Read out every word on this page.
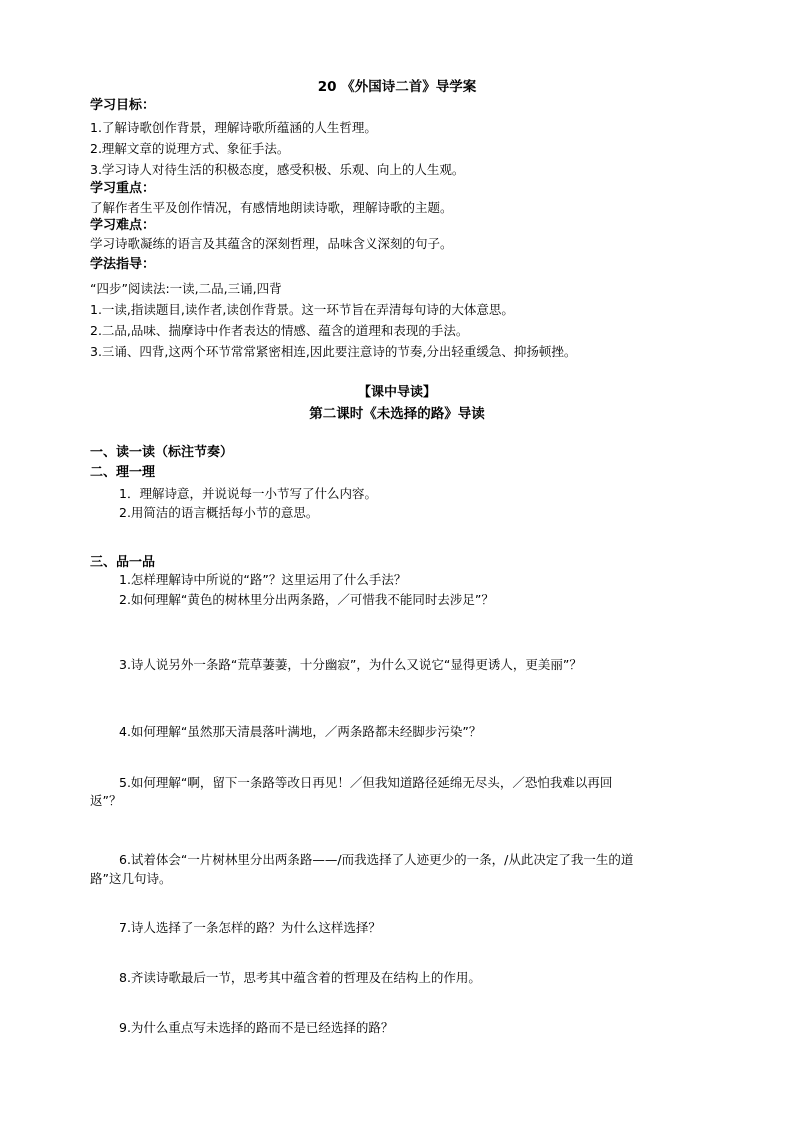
20 《外国诗二首》导学案
学习目标：
1.了解诗歌创作背景，理解诗歌所蕴涵的人生哲理。
2.理解文章的说理方式、象征手法。
3.学习诗人对待生活的积极态度，感受积极、乐观、向上的人生观。
学习重点：
了解作者生平及创作情况，有感情地朗读诗歌，理解诗歌的主题。
学习难点：
学习诗歌凝练的语言及其蕴含的深刻哲理，品味含义深刻的句子。
学法指导：
“四步”阅读法:一读,二品,三诵,四背
1.一读,指读题目,读作者,读创作背景。这一环节旨在弄清每句诗的大体意思。
2.二品,品味、揣摩诗中作者表达的情感、蕴含的道理和表现的手法。
3.三诵、四背,这两个环节常常紧密相连,因此要注意诗的节奏,分出轻重缓急、抑扬顿挫。
【课中导读】
第二课时《未选择的路》导读
一、读一读（标注节奏）
二、理一理
1．理解诗意，并说说每一小节写了什么内容。
2.用简洁的语言概括每小节的意思。
三、品一品
1.怎样理解诗中所说的“路”？这里运用了什么手法？
2.如何理解“黄色的树林里分出两条路，／可惜我不能同时去涉足”？
3.诗人说另外一条路“荒草萋萋，十分幽寂”，为什么又说它“显得更诱人，更美丽”？
4.如何理解“虽然那天清晨落叶满地，／两条路都未经脚步污染”？
5.如何理解“啊，留下一条路等改日再见！／但我知道路径延绵无尽头，／恐怕我难以再回
返”？
6.试着体会“一片树林里分出两条路——/而我选择了人迹更少的一条，/从此决定了我一生的道
路”这几句诗。
7.诗人选择了一条怎样的路？为什么这样选择？
8.齐读诗歌最后一节，思考其中蕴含着的哲理及在结构上的作用。
9.为什么重点写未选择的路而不是已经选择的路？
